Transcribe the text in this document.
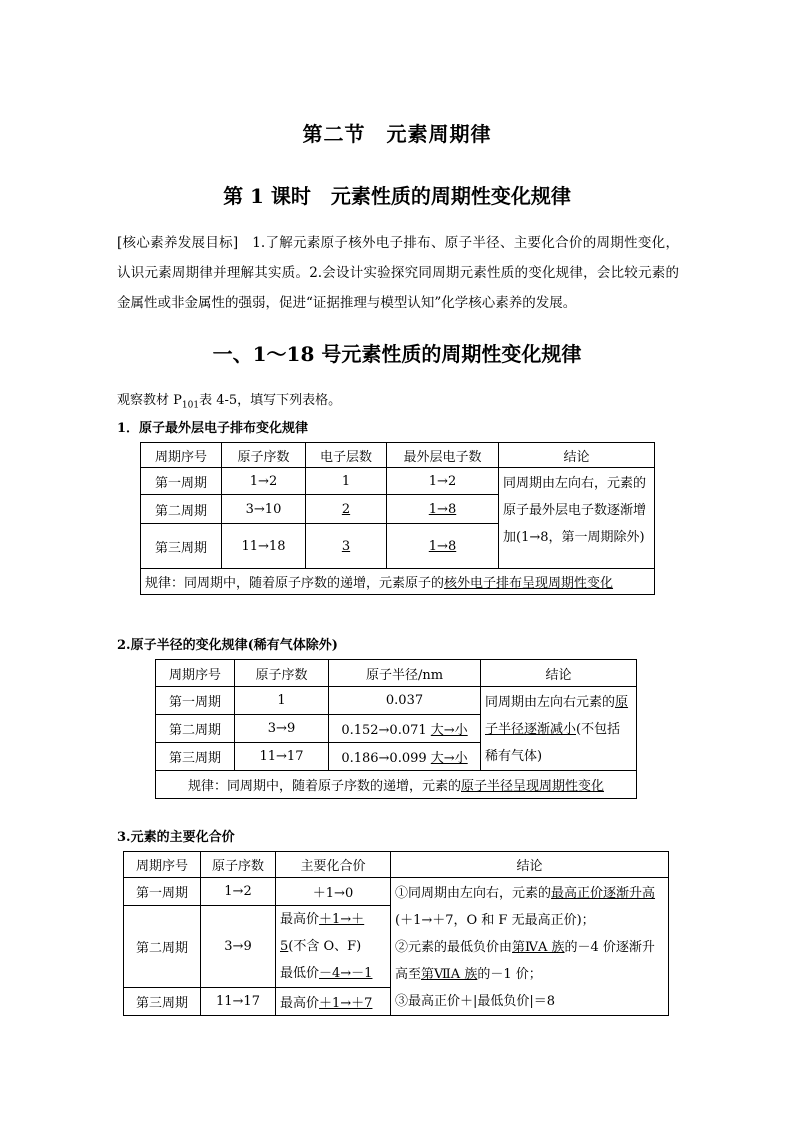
第二节　元素周期律
第 1 课时　元素性质的周期性变化规律
[核心素养发展目标]　1.了解元素原子核外电子排布、原子半径、主要化合价的周期性变化，认识元素周期律并理解其实质。2.会设计实验探究同周期元素性质的变化规律，会比较元素的金属性或非金属性的强弱，促进“证据推理与模型认知”化学核心素养的发展。
一、1～18 号元素性质的周期性变化规律
观察教材 $P_{101}$表 4-5，填写下列表格。
1．原子最外层电子排布变化规律
周期序号	原子序数	电子层数	最外层电子数	结论
第一周期	1→2	1	1→2	同周期由左向右，元素的原子最外层电子数逐渐增加(1→8，第一周期除外)
第二周期	3→10	2	1→8	
第三周期	11→18	3	1→8	
规律：同周期中，随着原子序数的递增，元素原子的核外电子排布呈现周期性变化				
2.原子半径的变化规律(稀有气体除外)
周期序号	原子序数	原子半径/nm	结论
第一周期	1	0.037	同周期由左向右元素的原子半径逐渐减小(不包括稀有气体)
第二周期	3→9	0.152→0.071 大→小	
第三周期	11→17	0.186→0.099 大→小	
规律：同周期中，随着原子序数的递增，元素的原子半径呈现周期性变化			
3.元素的主要化合价
周期序号	原子序数	主要化合价	结论
第一周期	1→2	＋1→0	①同周期由左向右，元素的最高正价逐渐升高(＋1→＋7，O 和 F 无最高正价)；
②元素的最低负价由第ⅣA 族的－4 价逐渐升高至第ⅦA 族的－1 价；
③最高正价＋|最低负价|＝8

第二周期	3→9	最高价＋1→＋5(不含 O、F)
最低价－4→－1	

第三周期	11→17	最高价＋1→＋7	
